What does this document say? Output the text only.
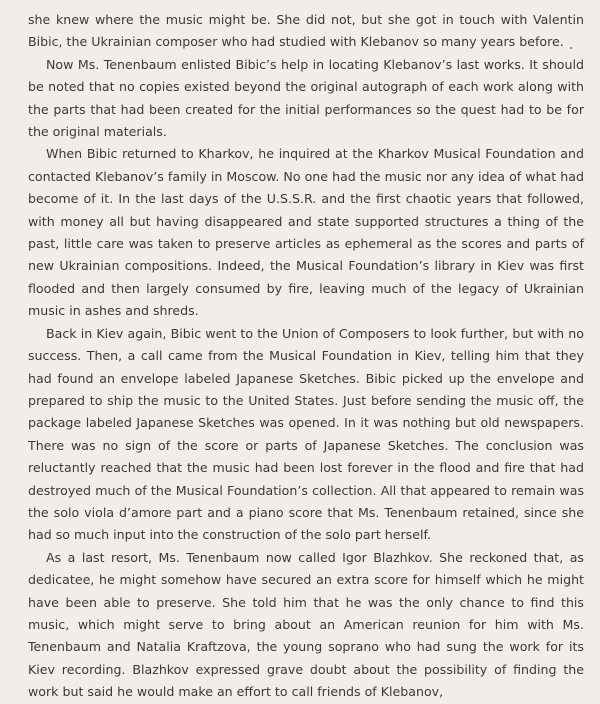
she knew where the music might be. She did not, but she got in touch with Valentin Bibic, the Ukrainian composer who had studied with Klebanov so many years before.

Now Ms. Tenenbaum enlisted Bibic’s help in locating Klebanov’s last works. It should be noted that no copies existed beyond the original autograph of each work along with the parts that had been created for the initial performances so the quest had to be for the original materials.

When Bibic returned to Kharkov, he inquired at the Kharkov Musical Foundation and contacted Klebanov’s family in Moscow. No one had the music nor any idea of what had become of it. In the last days of the U.S.S.R. and the first chaotic years that followed, with money all but having disappeared and state supported structures a thing of the past, little care was taken to preserve articles as ephemeral as the scores and parts of new Ukrainian compositions. Indeed, the Musical Foundation’s library in Kiev was first flooded and then largely consumed by fire, leaving much of the legacy of Ukrainian music in ashes and shreds.

Back in Kiev again, Bibic went to the Union of Composers to look further, but with no success. Then, a call came from the Musical Foundation in Kiev, telling him that they had found an envelope labeled Japanese Sketches. Bibic picked up the envelope and prepared to ship the music to the United States. Just before sending the music off, the package labeled Japanese Sketches was opened. In it was nothing but old newspapers. There was no sign of the score or parts of Japanese Sketches. The conclusion was reluctantly reached that the music had been lost forever in the flood and fire that had destroyed much of the Musical Foundation’s collection. All that appeared to remain was the solo viola d’amore part and a piano score that Ms. Tenenbaum retained, since she had so much input into the construction of the solo part herself.

As a last resort, Ms. Tenenbaum now called Igor Blazhkov. She reckoned that, as dedicatee, he might somehow have secured an extra score for himself which he might have been able to preserve. She told him that he was the only chance to find this music, which might serve to bring about an American reunion for him with Ms. Tenenbaum and Natalia Kraftzova, the young soprano who had sung the work for its Kiev recording. Blazhkov expressed grave doubt about the possibility of finding the work but said he would make an effort to call friends of Klebanov,
